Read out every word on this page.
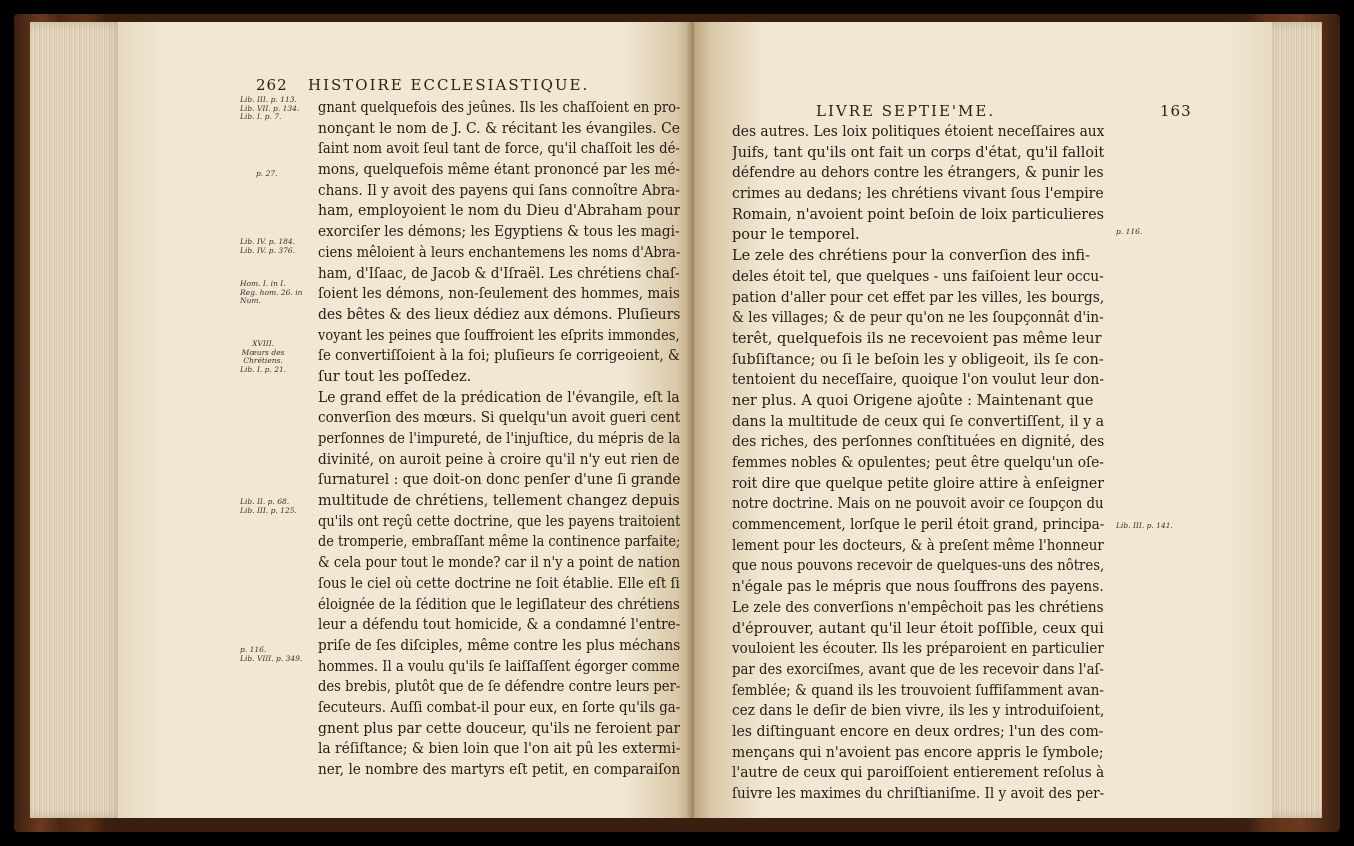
262 HISTOIRE ECCLESIASTIQUE.
Lib. III. p. 113.
Lib. VII. p. 134.
Lib. I. p. 7.
p. 27.
Lib. IV. p. 184.
Lib. IV. p. 376.
Hom. I. in I.
Reg. hom. 26. in
Num.
XVIII.
Mœurs des
Chrétiens.
Lib. I. p. 21.
Lib. II. p. 68.
Lib. III. p. 125.
p. 116.
Lib. VIII. p. 349.
gnant quelquefois des jeûnes. Ils les chaſſoient en pro-
nonçant le nom de J. C. & récitant les évangiles. Ce
ſaint nom avoit ſeul tant de force, qu'il chaſſoit les dé-
mons, quelquefois même étant prononcé par les mé-
chans. Il y avoit des payens qui ſans connoître Abra-
ham, employoient le nom du Dieu d'Abraham pour
exorciſer les démons; les Egyptiens & tous les magi-
ciens mêloient à leurs enchantemens les noms d'Abra-
ham, d'Iſaac, de Jacob & d'Iſraël. Les chrétiens chaſ-
ſoient les démons, non-ſeulement des hommes, mais
des bêtes & des lieux dédiez aux démons. Pluſieurs
voyant les peines que ſouffroient les eſprits immondes,
ſe convertiſſoient à la foi; pluſieurs ſe corrigeoient, &
ſur tout les poſſedez.
Le grand effet de la prédication de l'évangile, eſt la
converſion des mœurs. Si quelqu'un avoit gueri cent
perſonnes de l'impureté, de l'injuſtice, du mépris de la
divinité, on auroit peine à croire qu'il n'y eut rien de
ſurnaturel : que doit-on donc penſer d'une ſi grande
multitude de chrétiens, tellement changez depuis
qu'ils ont reçû cette doctrine, que les payens traitoient
de tromperie, embraſſant même la continence parfaite;
& cela pour tout le monde? car il n'y a point de nation
ſous le ciel où cette doctrine ne ſoit établie. Elle eſt ſi
éloignée de la ſédition que le legiſlateur des chrétiens
leur a défendu tout homicide, & a condamné l'entre-
priſe de ſes diſciples, même contre les plus méchans
hommes. Il a voulu qu'ils ſe laiſſaſſent égorger comme
des brebis, plutôt que de ſe défendre contre leurs per-
ſecuteurs. Auſſi combat-il pour eux, en ſorte qu'ils ga-
gnent plus par cette douceur, qu'ils ne feroient par
la réſiſtance; & bien loin que l'on ait pû les extermi-
ner, le nombre des martyrs eſt petit, en comparaiſon
LIVRE SEPTIE'ME.	163
des autres. Les loix politiques étoient neceſſaires aux
Juifs, tant qu'ils ont fait un corps d'état, qu'il falloit
défendre au dehors contre les étrangers, & punir les
crimes au dedans; les chrétiens vivant ſous l'empire
Romain, n'avoient point beſoin de loix particulieres
pour le temporel.
Le zele des chrétiens pour la converſion des infi-
deles étoit tel, que quelques - uns faiſoient leur occu-
pation d'aller pour cet effet par les villes, les bourgs,
& les villages; & de peur qu'on ne les ſoupçonnât d'in-
terêt, quelquefois ils ne recevoient pas même leur
ſubſiſtance; ou ſi le beſoin les y obligeoit, ils ſe con-
tentoient du neceſſaire, quoique l'on voulut leur don-
ner plus. A quoi Origene ajoûte : Maintenant que
dans la multitude de ceux qui ſe convertiſſent, il y a
des riches, des perſonnes conſtituées en dignité, des
femmes nobles & opulentes; peut être quelqu'un oſe-
roit dire que quelque petite gloire attire à enſeigner
notre doctrine. Mais on ne pouvoit avoir ce ſoupçon du
commencement, lorſque le peril étoit grand, principa-
lement pour les docteurs, & à preſent même l'honneur
que nous pouvons recevoir de quelques-uns des nôtres,
n'égale pas le mépris que nous ſouffrons des payens.
Le zele des converſions n'empêchoit pas les chrétiens
d'éprouver, autant qu'il leur étoit poſſible, ceux qui
vouloient les écouter. Ils les préparoient en particulier
par des exorciſmes, avant que de les recevoir dans l'aſ-
ſemblée; & quand ils les trouvoient ſuffiſamment avan-
cez dans le deſir de bien vivre, ils les y introduiſoient,
les diſtinguant encore en deux ordres; l'un des com-
mençans qui n'avoient pas encore appris le ſymbole;
l'autre de ceux qui paroiſſoient entierement reſolus à
ſuivre les maximes du chriſtianiſme. Il y avoit des per-
p. 116.
Lib. III. p. 141.
